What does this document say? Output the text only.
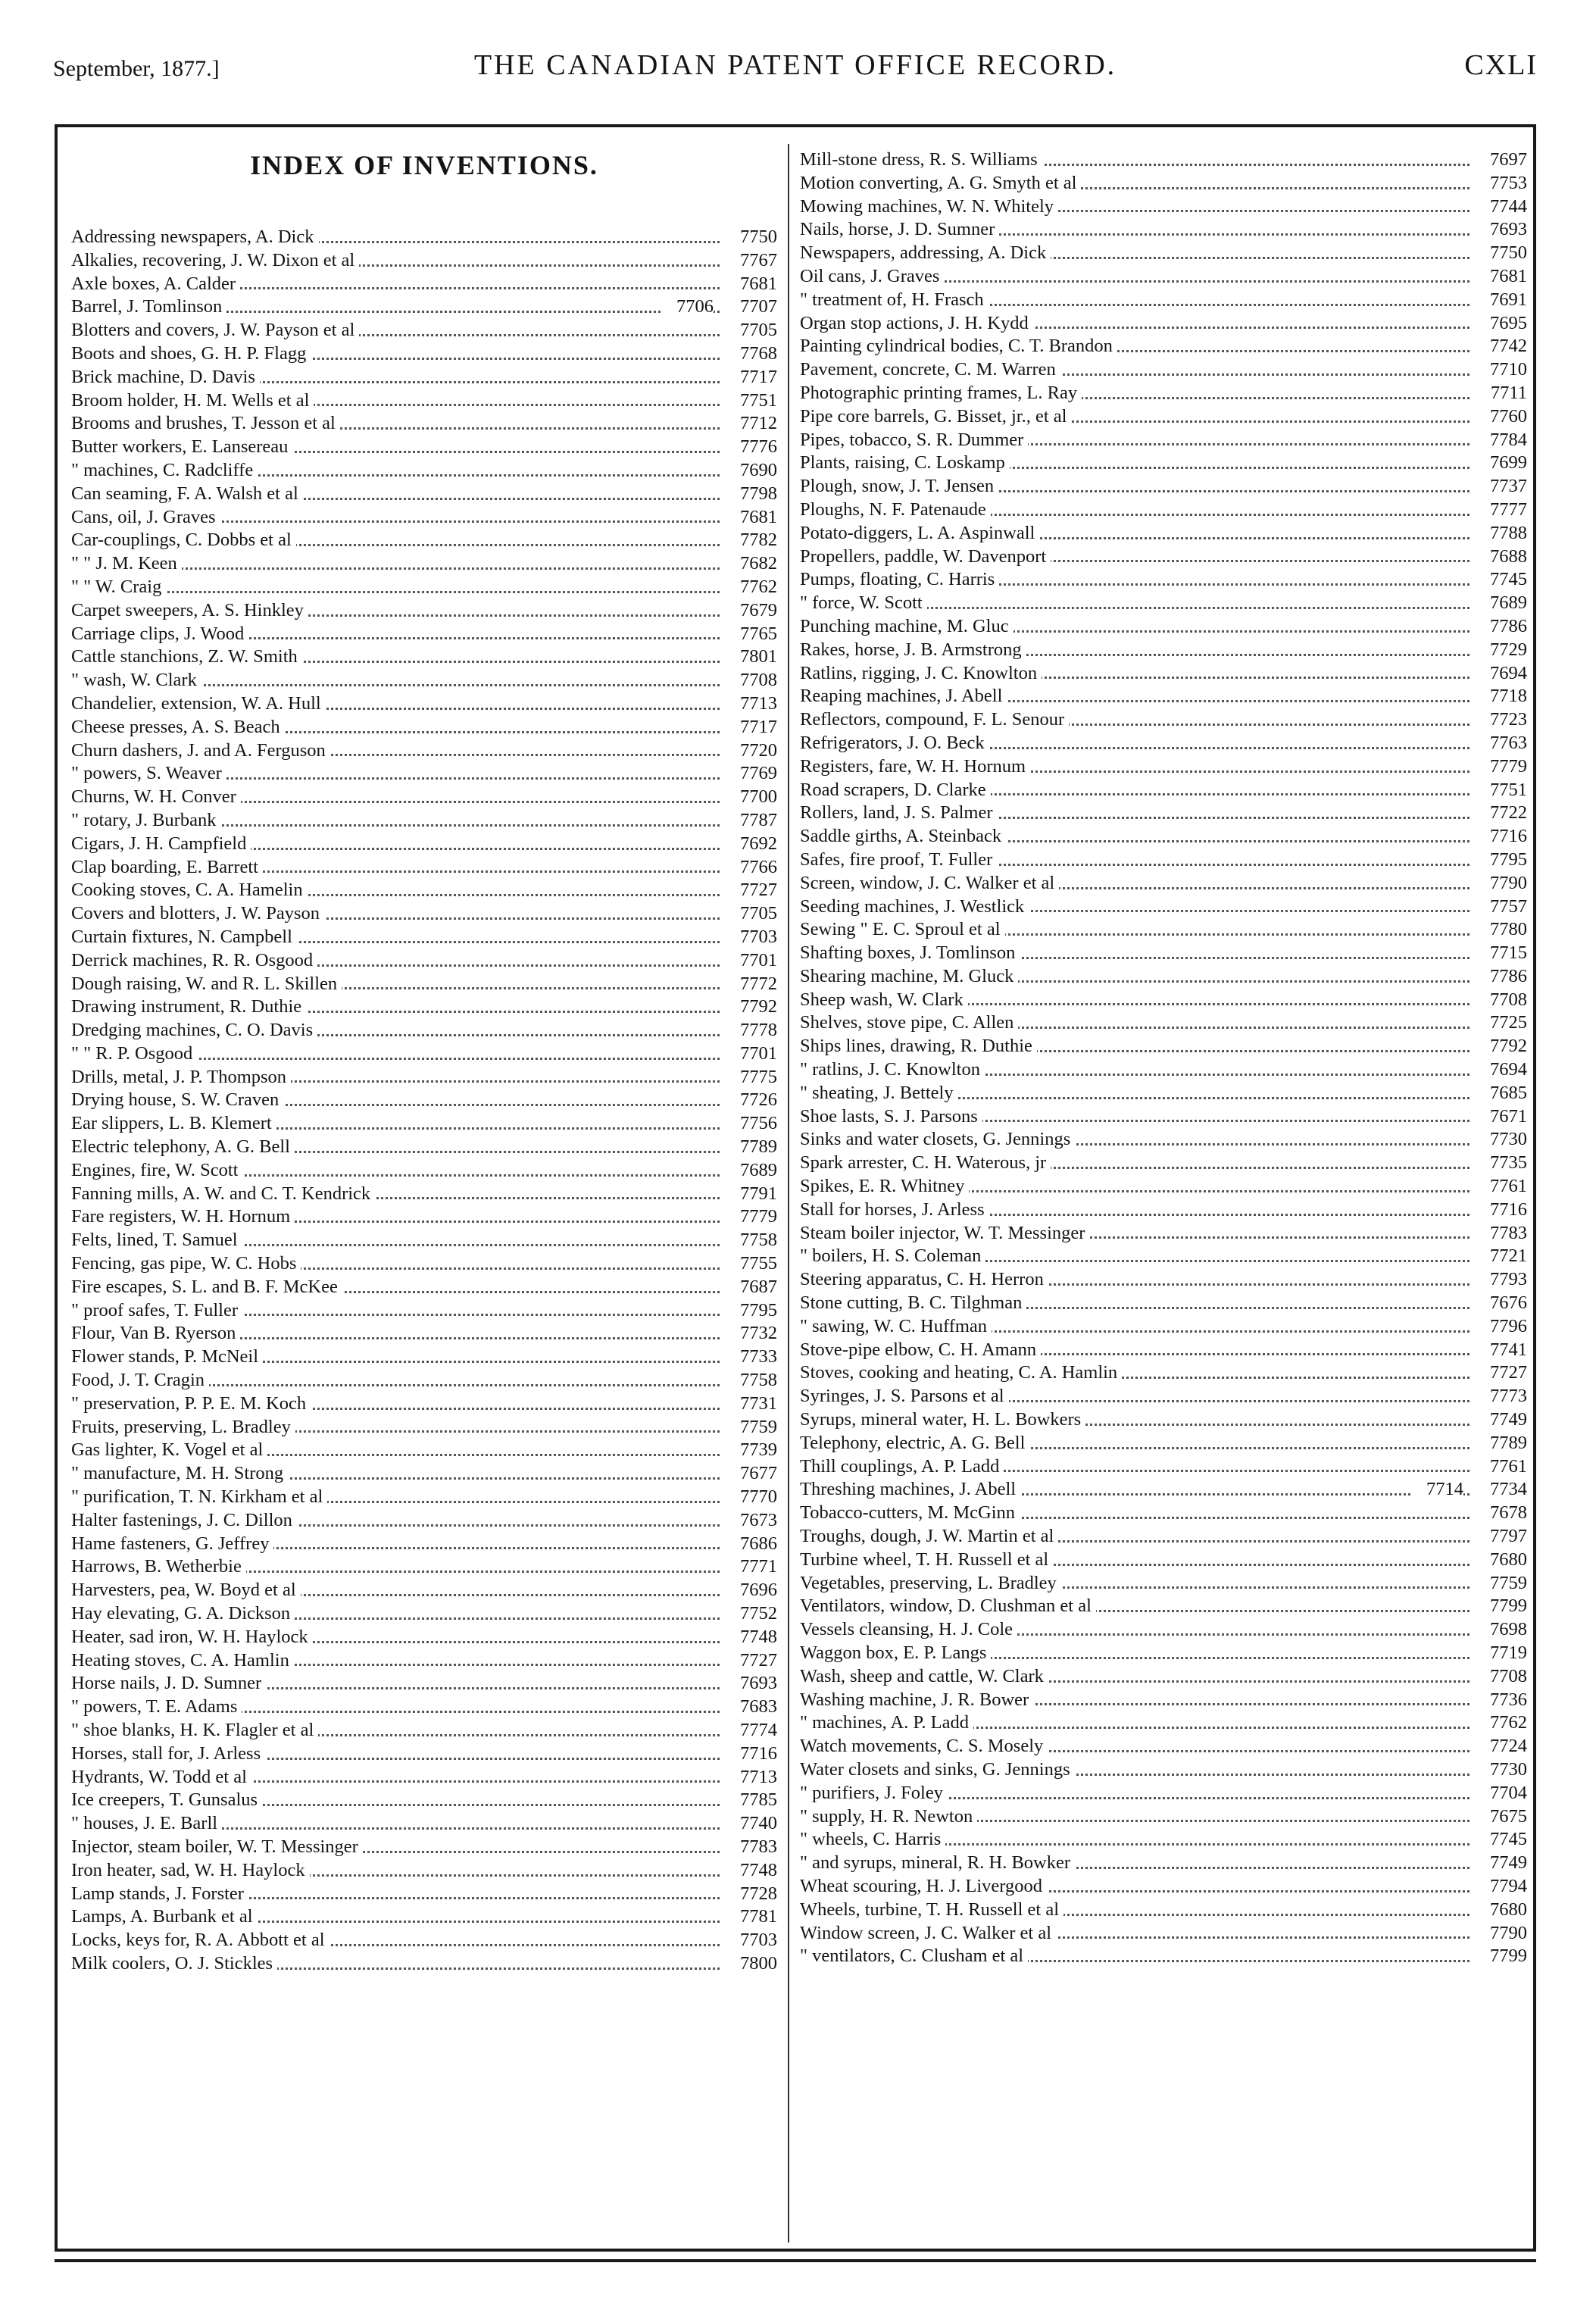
September, 1877.]	THE CANADIAN PATENT OFFICE RECORD.	CXLI
INDEX OF INVENTIONS.
Addressing newspapers, A. Dick	7750
Alkalies, recovering, J. W. Dixon et al	7767
Axle boxes, A. Calder	7681
Barrel, J. Tomlinson	7706	7707
Blotters and covers, J. W. Payson et al	7705
Boots and shoes, G. H. P. Flagg	7768
Brick machine, D. Davis	7717
Broom holder, H. M. Wells et al	7751
Brooms and brushes, T. Jesson et al	7712
Butter workers, E. Lansereau	7776
" machines, C. Radcliffe	7690
Can seaming, F. A. Walsh et al	7798
Cans, oil, J. Graves	7681
Car-couplings, C. Dobbs et al	7782
" " J. M. Keen	7682
" " W. Craig	7762
Carpet sweepers, A. S. Hinkley	7679
Carriage clips, J. Wood	7765
Cattle stanchions, Z. W. Smith	7801
" wash, W. Clark	7708
Chandelier, extension, W. A. Hull	7713
Cheese presses, A. S. Beach	7717
Churn dashers, J. and A. Ferguson	7720
" powers, S. Weaver	7769
Churns, W. H. Conver	7700
" rotary, J. Burbank	7787
Cigars, J. H. Campfield	7692
Clap boarding, E. Barrett	7766
Cooking stoves, C. A. Hamelin	7727
Covers and blotters, J. W. Payson	7705
Curtain fixtures, N. Campbell	7703
Derrick machines, R. R. Osgood	7701
Dough raising, W. and R. L. Skillen	7772
Drawing instrument, R. Duthie	7792
Dredging machines, C. O. Davis	7778
" " R. P. Osgood	7701
Drills, metal, J. P. Thompson	7775
Drying house, S. W. Craven	7726
Ear slippers, L. B. Klemert	7756
Electric telephony, A. G. Bell	7789
Engines, fire, W. Scott	7689
Fanning mills, A. W. and C. T. Kendrick	7791
Fare registers, W. H. Hornum	7779
Felts, lined, T. Samuel	7758
Fencing, gas pipe, W. C. Hobs	7755
Fire escapes, S. L. and B. F. McKee	7687
" proof safes, T. Fuller	7795
Flour, Van B. Ryerson	7732
Flower stands, P. McNeil	7733
Food, J. T. Cragin	7758
" preservation, P. P. E. M. Koch	7731
Fruits, preserving, L. Bradley	7759
Gas lighter, K. Vogel et al	7739
" manufacture, M. H. Strong	7677
" purification, T. N. Kirkham et al	7770
Halter fastenings, J. C. Dillon	7673
Hame fasteners, G. Jeffrey	7686
Harrows, B. Wetherbie	7771
Harvesters, pea, W. Boyd et al	7696
Hay elevating, G. A. Dickson	7752
Heater, sad iron, W. H. Haylock	7748
Heating stoves, C. A. Hamlin	7727
Horse nails, J. D. Sumner	7693
" powers, T. E. Adams	7683
" shoe blanks, H. K. Flagler et al	7774
Horses, stall for, J. Arless	7716
Hydrants, W. Todd et al	7713
Ice creepers, T. Gunsalus	7785
" houses, J. E. Barll	7740
Injector, steam boiler, W. T. Messinger	7783
Iron heater, sad, W. H. Haylock	7748
Lamp stands, J. Forster	7728
Lamps, A. Burbank et al	7781
Locks, keys for, R. A. Abbott et al	7703
Milk coolers, O. J. Stickles	7800
Mill-stone dress, R. S. Williams	7697
Motion converting, A. G. Smyth et al	7753
Mowing machines, W. N. Whitely	7744
Nails, horse, J. D. Sumner	7693
Newspapers, addressing, A. Dick	7750
Oil cans, J. Graves	7681
" treatment of, H. Frasch	7691
Organ stop actions, J. H. Kydd	7695
Painting cylindrical bodies, C. T. Brandon	7742
Pavement, concrete, C. M. Warren	7710
Photographic printing frames, L. Ray	7711
Pipe core barrels, G. Bisset, jr., et al	7760
Pipes, tobacco, S. R. Dummer	7784
Plants, raising, C. Loskamp	7699
Plough, snow, J. T. Jensen	7737
Ploughs, N. F. Patenaude	7777
Potato-diggers, L. A. Aspinwall	7788
Propellers, paddle, W. Davenport	7688
Pumps, floating, C. Harris	7745
" force, W. Scott	7689
Punching machine, M. Gluc	7786
Rakes, horse, J. B. Armstrong	7729
Ratlins, rigging, J. C. Knowlton	7694
Reaping machines, J. Abell	7718
Reflectors, compound, F. L. Senour	7723
Refrigerators, J. O. Beck	7763
Registers, fare, W. H. Hornum	7779
Road scrapers, D. Clarke	7751
Rollers, land, J. S. Palmer	7722
Saddle girths, A. Steinback	7716
Safes, fire proof, T. Fuller	7795
Screen, window, J. C. Walker et al	7790
Seeding machines, J. Westlick	7757
Sewing " E. C. Sproul et al	7780
Shafting boxes, J. Tomlinson	7715
Shearing machine, M. Gluck	7786
Sheep wash, W. Clark	7708
Shelves, stove pipe, C. Allen	7725
Ships lines, drawing, R. Duthie	7792
" ratlins, J. C. Knowlton	7694
" sheating, J. Bettely	7685
Shoe lasts, S. J. Parsons	7671
Sinks and water closets, G. Jennings	7730
Spark arrester, C. H. Waterous, jr	7735
Spikes, E. R. Whitney	7761
Stall for horses, J. Arless	7716
Steam boiler injector, W. T. Messinger	7783
" boilers, H. S. Coleman	7721
Steering apparatus, C. H. Herron	7793
Stone cutting, B. C. Tilghman	7676
" sawing, W. C. Huffman	7796
Stove-pipe elbow, C. H. Amann	7741
Stoves, cooking and heating, C. A. Hamlin	7727
Syringes, J. S. Parsons et al	7773
Syrups, mineral water, H. L. Bowkers	7749
Telephony, electric, A. G. Bell	7789
Thill couplings, A. P. Ladd	7761
Threshing machines, J. Abell	7714	7734
Tobacco-cutters, M. McGinn	7678
Troughs, dough, J. W. Martin et al	7797
Turbine wheel, T. H. Russell et al	7680
Vegetables, preserving, L. Bradley	7759
Ventilators, window, D. Clushman et al	7799
Vessels cleansing, H. J. Cole	7698
Waggon box, E. P. Langs	7719
Wash, sheep and cattle, W. Clark	7708
Washing machine, J. R. Bower	7736
" machines, A. P. Ladd	7762
Watch movements, C. S. Mosely	7724
Water closets and sinks, G. Jennings	7730
" purifiers, J. Foley	7704
" supply, H. R. Newton	7675
" wheels, C. Harris	7745
" and syrups, mineral, R. H. Bowker	7749
Wheat scouring, H. J. Livergood	7794
Wheels, turbine, T. H. Russell et al	7680
Window screen, J. C. Walker et al	7790
" ventilators, C. Clusham et al	7799
